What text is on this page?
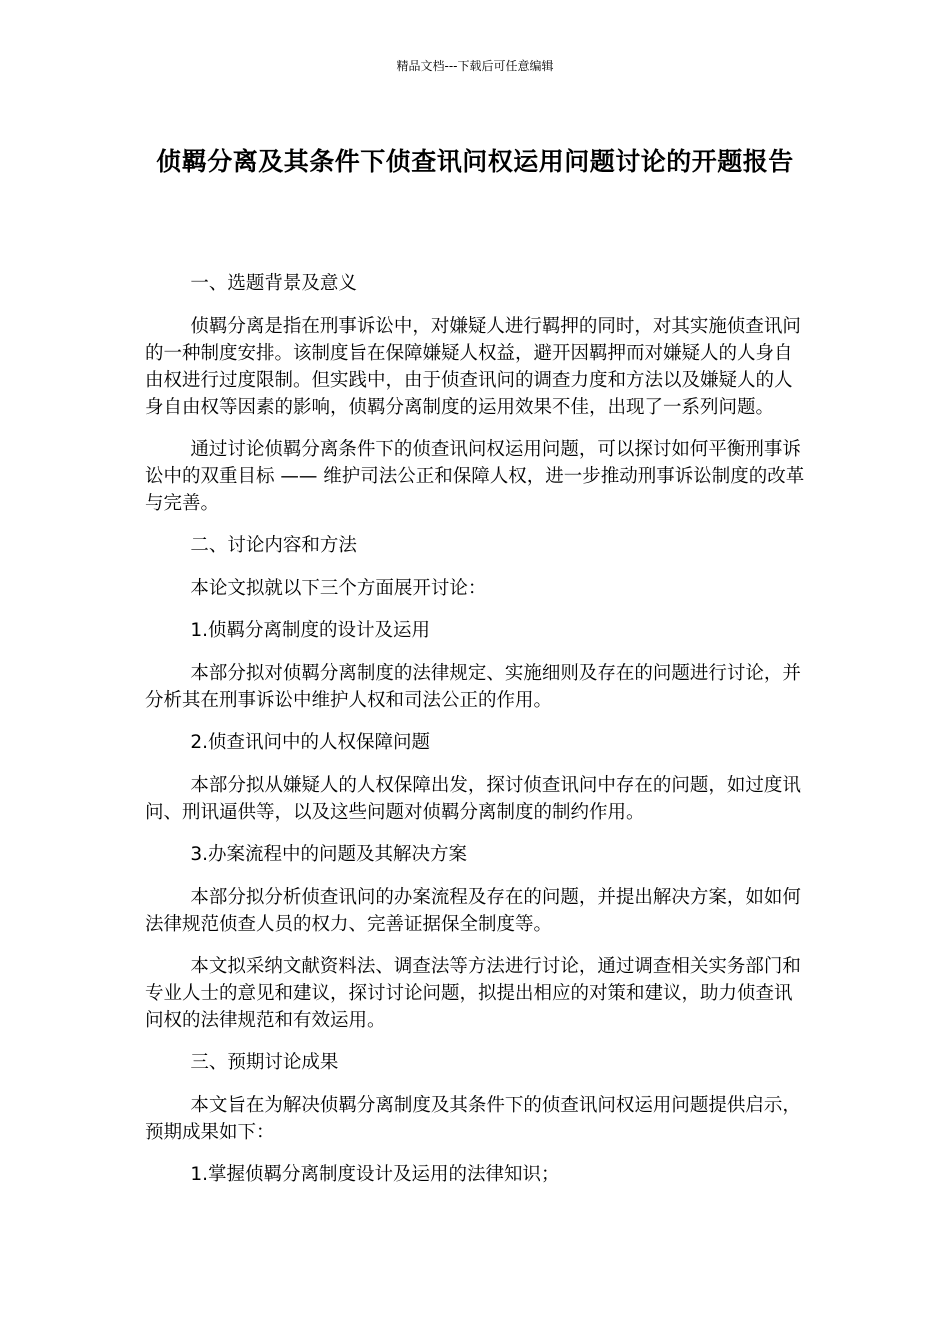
精品文档---下载后可任意编辑
侦羁分离及其条件下侦查讯问权运用问题讨论的开题报告

一、选题背景及意义

侦羁分离是指在刑事诉讼中，对嫌疑人进行羁押的同时，对其实施侦查讯问的一种制度安排。该制度旨在保障嫌疑人权益，避开因羁押而对嫌疑人的人身自由权进行过度限制。但实践中，由于侦查讯问的调查力度和方法以及嫌疑人的人身自由权等因素的影响，侦羁分离制度的运用效果不佳，出现了一系列问题。

通过讨论侦羁分离条件下的侦查讯问权运用问题，可以探讨如何平衡刑事诉讼中的双重目标 —— 维护司法公正和保障人权，进一步推动刑事诉讼制度的改革与完善。

二、讨论内容和方法

本论文拟就以下三个方面展开讨论：

1.侦羁分离制度的设计及运用

本部分拟对侦羁分离制度的法律规定、实施细则及存在的问题进行讨论，并分析其在刑事诉讼中维护人权和司法公正的作用。

2.侦查讯问中的人权保障问题

本部分拟从嫌疑人的人权保障出发，探讨侦查讯问中存在的问题，如过度讯问、刑讯逼供等，以及这些问题对侦羁分离制度的制约作用。

3.办案流程中的问题及其解决方案

本部分拟分析侦查讯问的办案流程及存在的问题，并提出解决方案，如如何法律规范侦查人员的权力、完善证据保全制度等。

本文拟采纳文献资料法、调查法等方法进行讨论，通过调查相关实务部门和专业人士的意见和建议，探讨讨论问题，拟提出相应的对策和建议，助力侦查讯问权的法律规范和有效运用。

三、预期讨论成果

本文旨在为解决侦羁分离制度及其条件下的侦查讯问权运用问题提供启示，预期成果如下：

1.掌握侦羁分离制度设计及运用的法律知识；
